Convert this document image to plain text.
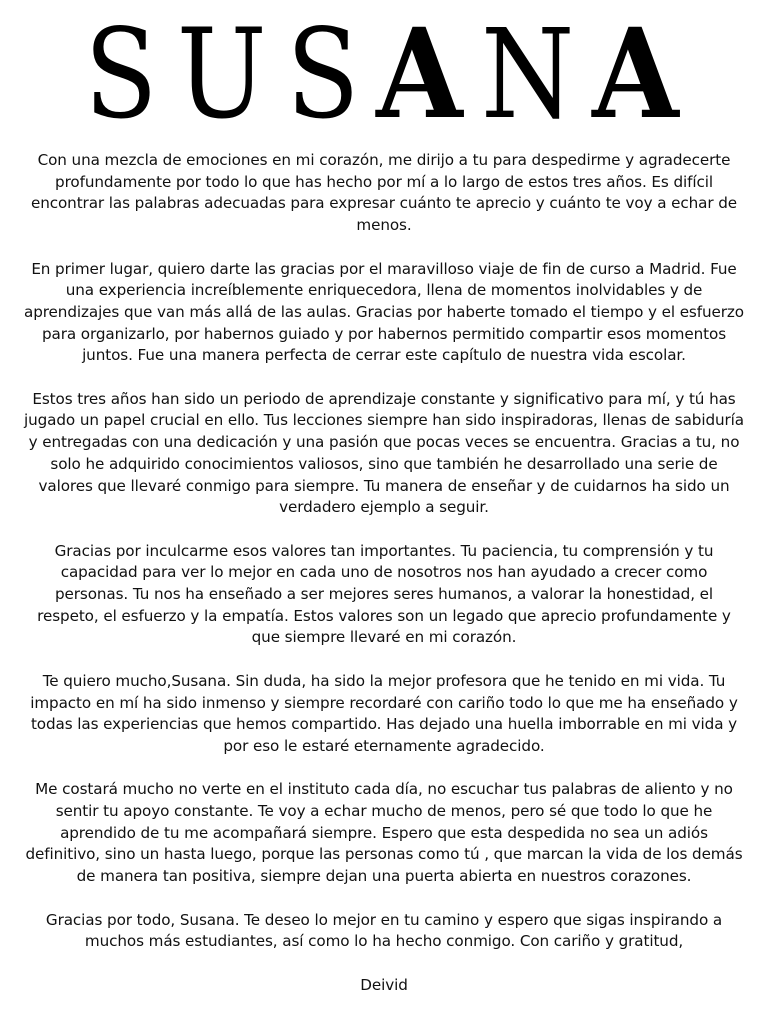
S U SA N A

Con una mezcla de emociones en mi corazón, me dirijo a tu para despedirme y agradecerte profundamente por todo lo que has hecho por mí a lo largo de estos tres años. Es difícil encontrar las palabras adecuadas para expresar cuánto te aprecio y cuánto te voy a echar de menos.

En primer lugar, quiero darte las gracias por el maravilloso viaje de fin de curso a Madrid. Fue una experiencia increíblemente enriquecedora, llena de momentos inolvidables y de aprendizajes que van más allá de las aulas. Gracias por haberte tomado el tiempo y el esfuerzo para organizarlo, por habernos guiado y por habernos permitido compartir esos momentos juntos. Fue una manera perfecta de cerrar este capítulo de nuestra vida escolar.

Estos tres años han sido un periodo de aprendizaje constante y significativo para mí, y tú has jugado un papel crucial en ello. Tus lecciones siempre han sido inspiradoras, llenas de sabiduría y entregadas con una dedicación y una pasión que pocas veces se encuentra. Gracias a tu, no solo he adquirido conocimientos valiosos, sino que también he desarrollado una serie de valores que llevaré conmigo para siempre. Tu manera de enseñar y de cuidarnos ha sido un verdadero ejemplo a seguir.

Gracias por inculcarme esos valores tan importantes. Tu paciencia, tu comprensión y tu capacidad para ver lo mejor en cada uno de nosotros nos han ayudado a crecer como personas. Tu nos ha enseñado a ser mejores seres humanos, a valorar la honestidad, el respeto, el esfuerzo y la empatía. Estos valores son un legado que aprecio profundamente y que siempre llevaré en mi corazón.

Te quiero mucho,Susana. Sin duda, ha sido la mejor profesora que he tenido en mi vida. Tu impacto en mí ha sido inmenso y siempre recordaré con cariño todo lo que me ha enseñado y todas las experiencias que hemos compartido. Has dejado una huella imborrable en mi vida y por eso le estaré eternamente agradecido.

Me costará mucho no verte en el instituto cada día, no escuchar tus palabras de aliento y no sentir tu apoyo constante. Te voy a echar mucho de menos, pero sé que todo lo que he aprendido de tu me acompañará siempre. Espero que esta despedida no sea un adiós definitivo, sino un hasta luego, porque las personas como tú , que marcan la vida de los demás de manera tan positiva, siempre dejan una puerta abierta en nuestros corazones.

Gracias por todo, Susana. Te deseo lo mejor en tu camino y espero que sigas inspirando a muchos más estudiantes, así como lo ha hecho conmigo. Con cariño y gratitud,

Deivid
